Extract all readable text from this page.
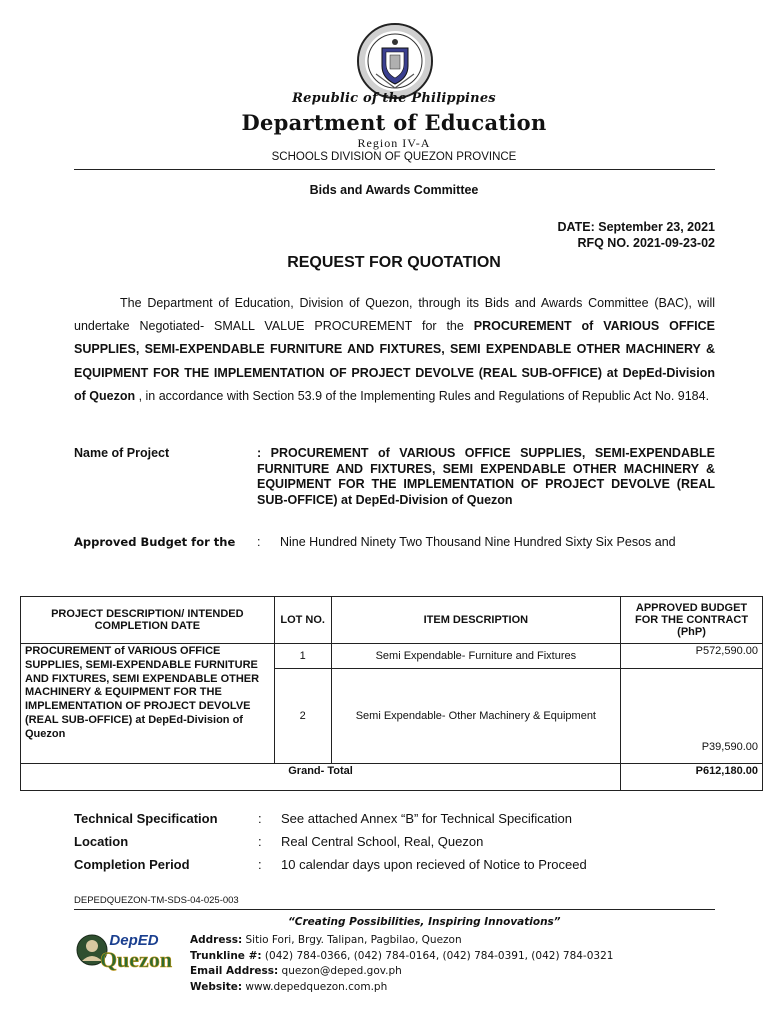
Republic of the Philippines
Department of Education
Region IV-A
SCHOOLS DIVISION OF QUEZON PROVINCE
Bids and Awards Committee
DATE: September 23, 2021
RFQ NO. 2021-09-23-02
REQUEST FOR QUOTATION
The Department of Education, Division of Quezon, through its Bids and Awards Committee (BAC), will undertake Negotiated- SMALL VALUE PROCUREMENT for the PROCUREMENT of VARIOUS OFFICE SUPPLIES, SEMI-EXPENDABLE FURNITURE AND FIXTURES, SEMI EXPENDABLE OTHER MACHINERY & EQUIPMENT FOR THE IMPLEMENTATION OF PROJECT DEVOLVE (REAL SUB-OFFICE) at DepEd-Division of Quezon , in accordance with Section 53.9 of the Implementing Rules and Regulations of Republic Act No. 9184.
Name of Project	: PROCUREMENT of VARIOUS OFFICE SUPPLIES, SEMI-EXPENDABLE FURNITURE AND FIXTURES, SEMI EXPENDABLE OTHER MACHINERY & EQUIPMENT FOR THE IMPLEMENTATION OF PROJECT DEVOLVE (REAL SUB-OFFICE) at DepEd-Division of Quezon
Approved Budget for the : Nine Hundred Ninety Two Thousand Nine Hundred Sixty Six Pesos and
PROJECT DESCRIPTION/ INTENDED COMPLETION DATE	LOT NO.	ITEM DESCRIPTION	APPROVED BUDGET FOR THE CONTRACT (PhP)
PROCUREMENT of VARIOUS OFFICE SUPPLIES, SEMI-EXPENDABLE FURNITURE AND FIXTURES, SEMI EXPENDABLE OTHER MACHINERY & EQUIPMENT FOR THE IMPLEMENTATION OF PROJECT DEVOLVE (REAL SUB-OFFICE) at DepEd-Division of Quezon	1	Semi Expendable- Furniture and Fixtures	P572,590.00
	2	Semi Expendable- Other Machinery & Equipment	P39,590.00
Grand- Total			P612,180.00
Technical Specification	: See attached Annex “B” for Technical Specification
Location	: Real Central School, Real, Quezon
Completion Period	: 10 calendar days upon recieved of Notice to Proceed
DEPEDQUEZON-TM-SDS-04-025-003
“Creating Possibilities, Inspiring Innovations”
DepED
Quezon
Address: Sitio Fori, Brgy. Talipan, Pagbilao, Quezon
Trunkline #: (042) 784-0366, (042) 784-0164, (042) 784-0391, (042) 784-0321
Email Address: quezon@deped.gov.ph
Website: www.depedquezon.com.ph
